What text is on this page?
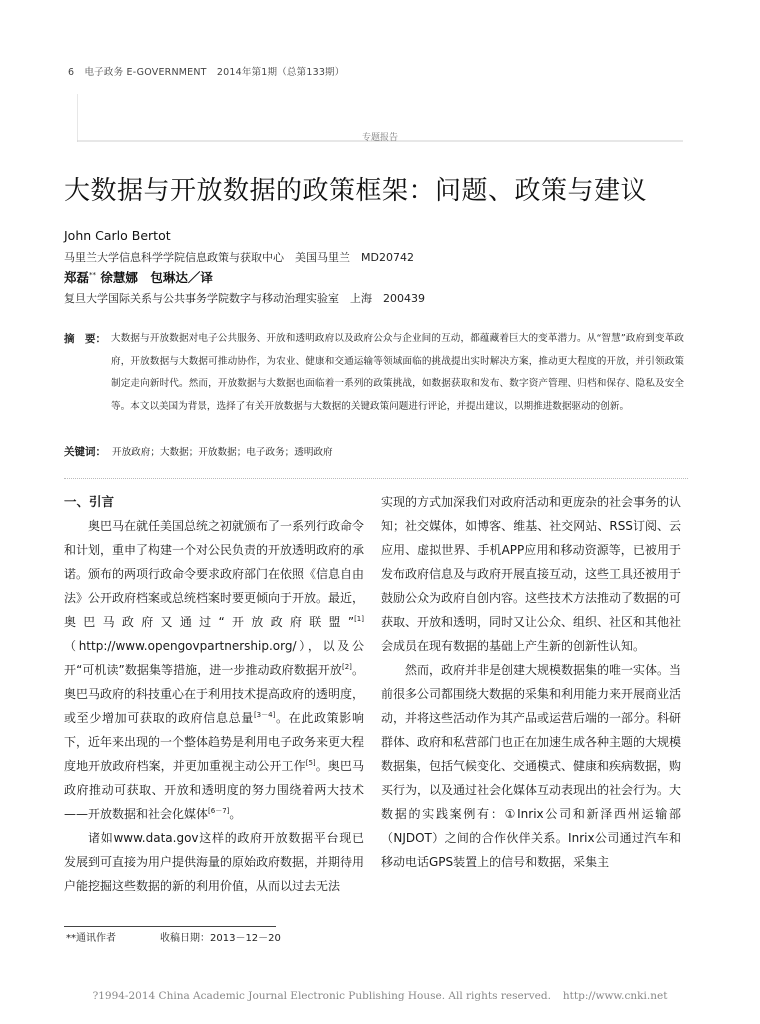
6 电子政务 E-GOVERNMENT 2014年第1期（总第133期）
专题报告
大数据与开放数据的政策框架：问题、政策与建议
John Carlo Bertot
马里兰大学信息科学学院信息政策与获取中心　美国马里兰　MD20742
郑磊** 徐慧娜　包琳达／译
复旦大学国际关系与公共事务学院数字与移动治理实验室　上海　200439
摘　要： 大数据与开放数据对电子公共服务、开放和透明政府以及政府公众与企业间的互动，都蕴藏着巨大的变革潜力。从“智慧”政府到变革政府，开放数据与大数据可推动协作，为农业、健康和交通运输等领域面临的挑战提出实时解决方案，推动更大程度的开放，并引领政策制定走向新时代。然而，开放数据与大数据也面临着一系列的政策挑战，如数据获取和发布、数字资产管理、归档和保存、隐私及安全等。本文以美国为背景，选择了有关开放数据与大数据的关键政策问题进行评论，并提出建议，以期推进数据驱动的创新。
关键词： 开放政府；大数据；开放数据；电子政务；透明政府
一、引言

奥巴马在就任美国总统之初就颁布了一系列行政命令和计划，重申了构建一个对公民负责的开放透明政府的承诺。颁布的两项行政命令要求政府部门在依照《信息自由法》公开政府档案或总统档案时要更倾向于开放。最近，奥巴马政府又通过“开放政府联盟”[1]（http://www.opengovpartnership.org/），以及公开“可机读”数据集等措施，进一步推动政府数据开放[2]。奥巴马政府的科技重心在于利用技术提高政府的透明度，或至少增加可获取的政府信息总量[3－4]。在此政策影响下，近年来出现的一个整体趋势是利用电子政务来更大程度地开放政府档案，并更加重视主动公开工作[5]。奥巴马政府推动可获取、开放和透明度的努力围绕着两大技术——开放数据和社会化媒体[6－7]。

诸如www.data.gov这样的政府开放数据平台现已发展到可直接为用户提供海量的原始政府数据，并期待用户能挖掘这些数据的新的利用价值，从而以过去无法

实现的方式加深我们对政府活动和更庞杂的社会事务的认知；社交媒体，如博客、维基、社交网站、RSS订阅、云应用、虚拟世界、手机APP应用和移动资源等，已被用于发布政府信息及与政府开展直接互动，这些工具还被用于鼓励公众为政府自创内容。这些技术方法推动了数据的可获取、开放和透明，同时又让公众、组织、社区和其他社会成员在现有数据的基础上产生新的创新性认知。

然而，政府并非是创建大规模数据集的唯一实体。当前很多公司都围绕大数据的采集和利用能力来开展商业活动，并将这些活动作为其产品或运营后端的一部分。科研群体、政府和私营部门也正在加速生成各种主题的大规模数据集，包括气候变化、交通模式、健康和疾病数据，购买行为，以及通过社会化媒体互动表现出的社会行为。大数据的实践案例有：①Inrix公司和新泽西州运输部（NJDOT）之间的合作伙伴关系。Inrix公司通过汽车和移动电话GPS装置上的信号和数据，采集主

**通讯作者	收稿日期：2013－12－20
?1994-2014 China Academic Journal Electronic Publishing House. All rights reserved. http://www.cnki.net
